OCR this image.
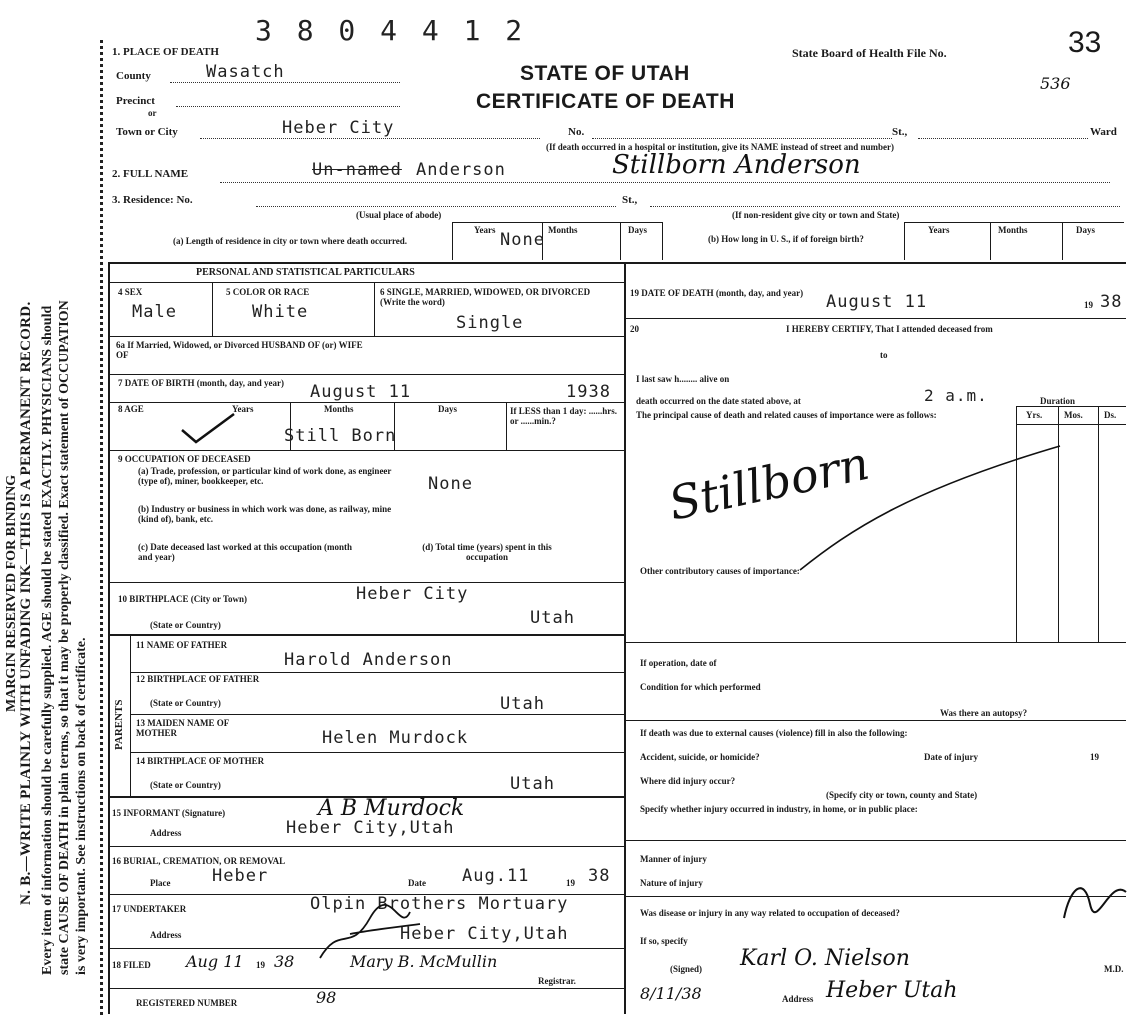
MARGIN RESERVED FOR BINDING N. B.—WRITE PLAINLY WITH UNFADING INK—THIS IS A PERMANENT RECORD. Every item of information should be carefully supplied. AGE should be stated EXACTLY. PHYSICIANS should state CAUSE OF DEATH in plain terms, so that it may be properly classified. Exact statement of OCCUPATION is very important. See instructions on back of certificate.
3 8 0 4 4 1 2
STATE OF UTAH
CERTIFICATE OF DEATH
State Board of Health File No.	33
536
1. PLACE OF DEATH
County	Wasatch
Precinct
or
Town or City	Heber City	No.	St.,	Ward
(If death occurred in a hospital or institution, give its NAME instead of street and number)
2. FULL NAME	Un-named Anderson	Stillborn Anderson
3. Residence: No.	St.,
(Usual place of abode)	(If non-resident give city or town and State)
(a) Length of residence in city or town where death occurred.
Years	Months	Days
None	(b) How long in U. S., if of foreign birth?
Years	Months	Days
PERSONAL AND STATISTICAL PARTICULARS
4 SEX
Male
5 COLOR OR RACE
White
6 SINGLE, MARRIED, WIDOWED, OR DIVORCED (Write the word)
Single
6a If Married, Widowed, or Divorced HUSBAND OF (or) WIFE OF
7 DATE OF BIRTH (month, day, and year) August 11	1938
8 AGE	Years	Months	Days	If LESS than 1 day: ......hrs. or ......min.?
Still Born
9 OCCUPATION OF DECEASED
(a) Trade, profession, or particular kind of work done, as engineer (type of), miner, bookkeeper, etc.	None
(b) Industry or business in which work was done, as railway, mine (kind of), bank, etc.
(c) Date deceased last worked at this occupation (month and year)
(d) Total time (years) spent in this occupation
10 BIRTHPLACE (City or Town)	Heber City
(State or Country)	Utah
PARENTS
11 NAME OF FATHER
Harold Anderson
12 BIRTHPLACE OF FATHER
(State or Country)	Utah
13 MAIDEN NAME OF MOTHER	Helen Murdock
14 BIRTHPLACE OF MOTHER
(State or Country)	Utah
15 INFORMANT (Signature)	A B Murdock
Address	Heber City,Utah
16 BURIAL, CREMATION, OR REMOVAL
Place Heber	Date Aug.11	19 38
17 UNDERTAKER	Olpin Brothers Mortuary
Address	Heber City,Utah
18 FILED Aug 11 19 38	Mary B. McMullin
Registrar.
REGISTERED NUMBER	98
19 DATE OF DEATH (month, day, and year)	August 11	19 38
20	I HEREBY CERTIFY, That I attended deceased from
to
I last saw h........ alive on
death occurred on the date stated above, at	2 a.m.	Duration
The principal cause of death and related causes of importance were as follows:	Yrs. Mos. Ds.
Stillborn
Other contributory causes of importance:
If operation, date of
Condition for which performed
Was there an autopsy?
If death was due to external causes (violence) fill in also the following:
Accident, suicide, or homicide?	Date of injury	19
Where did injury occur?
(Specify city or town, county and State)
Specify whether injury occurred in industry, in home, or in public place:
Manner of injury
Nature of injury
Was disease or injury in any way related to occupation of deceased?
If so, specify
(Signed) Karl O. Nielson	M.D.
8/11/38	Address Heber Utah
